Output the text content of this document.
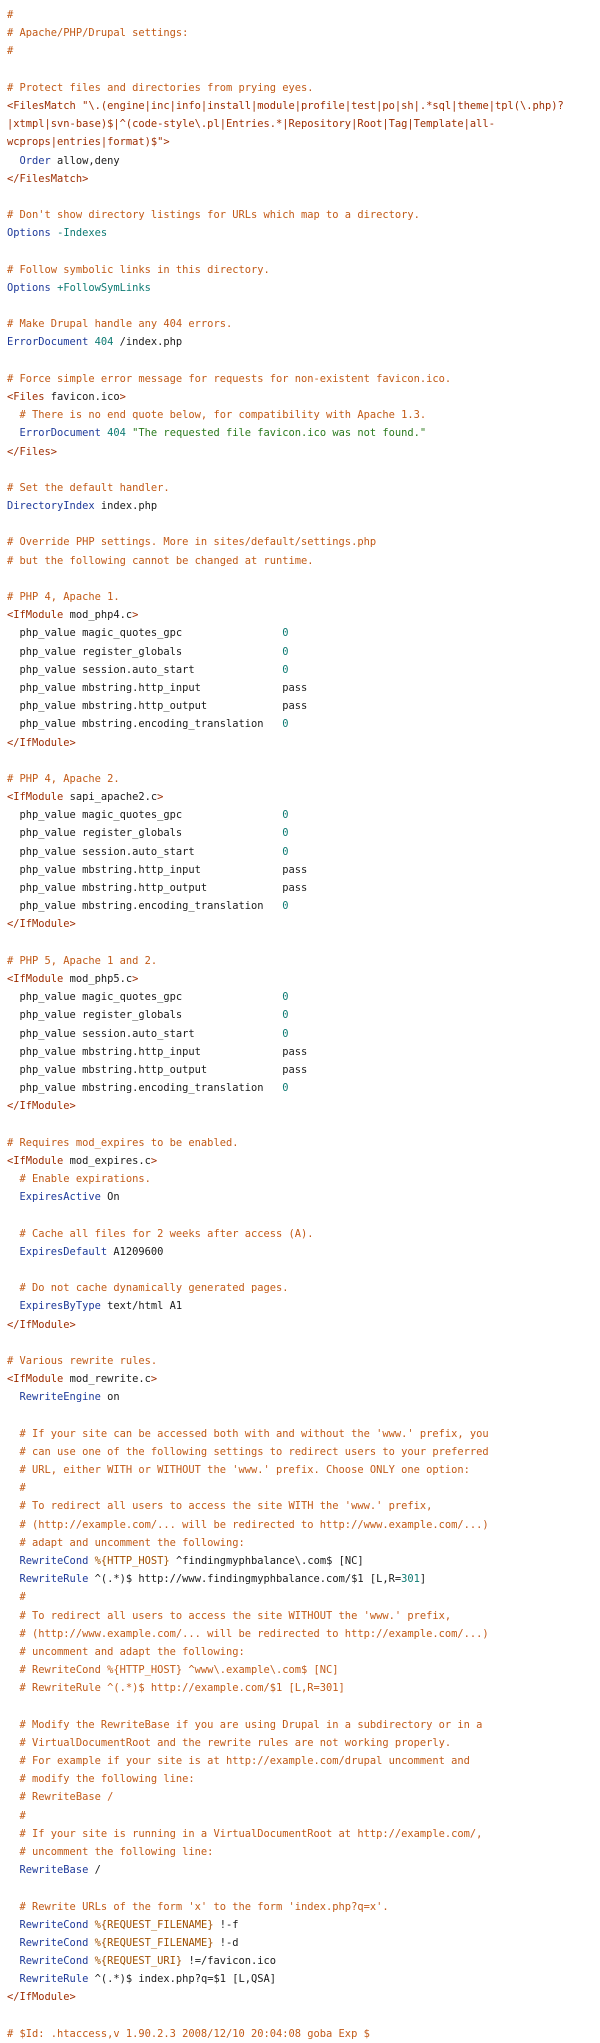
#
# Apache/PHP/Drupal settings:
#

# Protect files and directories from prying eyes.
<FilesMatch "\.(engine|inc|info|install|module|profile|test|po|sh|.*sql|theme|tpl(\.php)?
|xtmpl|svn-base)$|^(code-style\.pl|Entries.*|Repository|Root|Tag|Template|all-
wcprops|entries|format)$">
Order allow,deny
</FilesMatch>

# Don't show directory listings for URLs which map to a directory.
Options -Indexes

# Follow symbolic links in this directory.
Options +FollowSymLinks

# Make Drupal handle any 404 errors.
ErrorDocument 404 /index.php

# Force simple error message for requests for non-existent favicon.ico.
<Files favicon.ico>
# There is no end quote below, for compatibility with Apache 1.3.
ErrorDocument 404 "The requested file favicon.ico was not found."
</Files>

# Set the default handler.
DirectoryIndex index.php

# Override PHP settings. More in sites/default/settings.php
# but the following cannot be changed at runtime.

# PHP 4, Apache 1.
<IfModule mod_php4.c>
php_value magic_quotes_gpc                0
php_value register_globals                0
php_value session.auto_start              0
php_value mbstring.http_input             pass
php_value mbstring.http_output            pass
php_value mbstring.encoding_translation   0
</IfModule>

# PHP 4, Apache 2.
<IfModule sapi_apache2.c>
php_value magic_quotes_gpc                0
php_value register_globals                0
php_value session.auto_start              0
php_value mbstring.http_input             pass
php_value mbstring.http_output            pass
php_value mbstring.encoding_translation   0
</IfModule>

# PHP 5, Apache 1 and 2.
<IfModule mod_php5.c>
php_value magic_quotes_gpc                0
php_value register_globals                0
php_value session.auto_start              0
php_value mbstring.http_input             pass
php_value mbstring.http_output            pass
php_value mbstring.encoding_translation   0
</IfModule>

# Requires mod_expires to be enabled.
<IfModule mod_expires.c>
# Enable expirations.
ExpiresActive On

# Cache all files for 2 weeks after access (A).
ExpiresDefault A1209600

# Do not cache dynamically generated pages.
ExpiresByType text/html A1
</IfModule>

# Various rewrite rules.
<IfModule mod_rewrite.c>
RewriteEngine on

# If your site can be accessed both with and without the 'www.' prefix, you
# can use one of the following settings to redirect users to your preferred
# URL, either WITH or WITHOUT the 'www.' prefix. Choose ONLY one option:
#
# To redirect all users to access the site WITH the 'www.' prefix,
# (http://example.com/... will be redirected to http://www.example.com/...)
# adapt and uncomment the following:
RewriteCond %{HTTP_HOST} ^findingmyphbalance\.com$ [NC]
RewriteRule ^(.*)$ http://www.findingmyphbalance.com/$1 [L,R=301]
#
# To redirect all users to access the site WITHOUT the 'www.' prefix,
# (http://www.example.com/... will be redirected to http://example.com/...)
# uncomment and adapt the following:
# RewriteCond %{HTTP_HOST} ^www\.example\.com$ [NC]
# RewriteRule ^(.*)$ http://example.com/$1 [L,R=301]

# Modify the RewriteBase if you are using Drupal in a subdirectory or in a
# VirtualDocumentRoot and the rewrite rules are not working properly.
# For example if your site is at http://example.com/drupal uncomment and
# modify the following line:
# RewriteBase /
#
# If your site is running in a VirtualDocumentRoot at http://example.com/,
# uncomment the following line:
RewriteBase /

# Rewrite URLs of the form 'x' to the form 'index.php?q=x'.
RewriteCond %{REQUEST_FILENAME} !-f
RewriteCond %{REQUEST_FILENAME} !-d
RewriteCond %{REQUEST_URI} !=/favicon.ico
RewriteRule ^(.*)$ index.php?q=$1 [L,QSA]
</IfModule>

# $Id: .htaccess,v 1.90.2.3 2008/12/10 20:04:08 goba Exp $
